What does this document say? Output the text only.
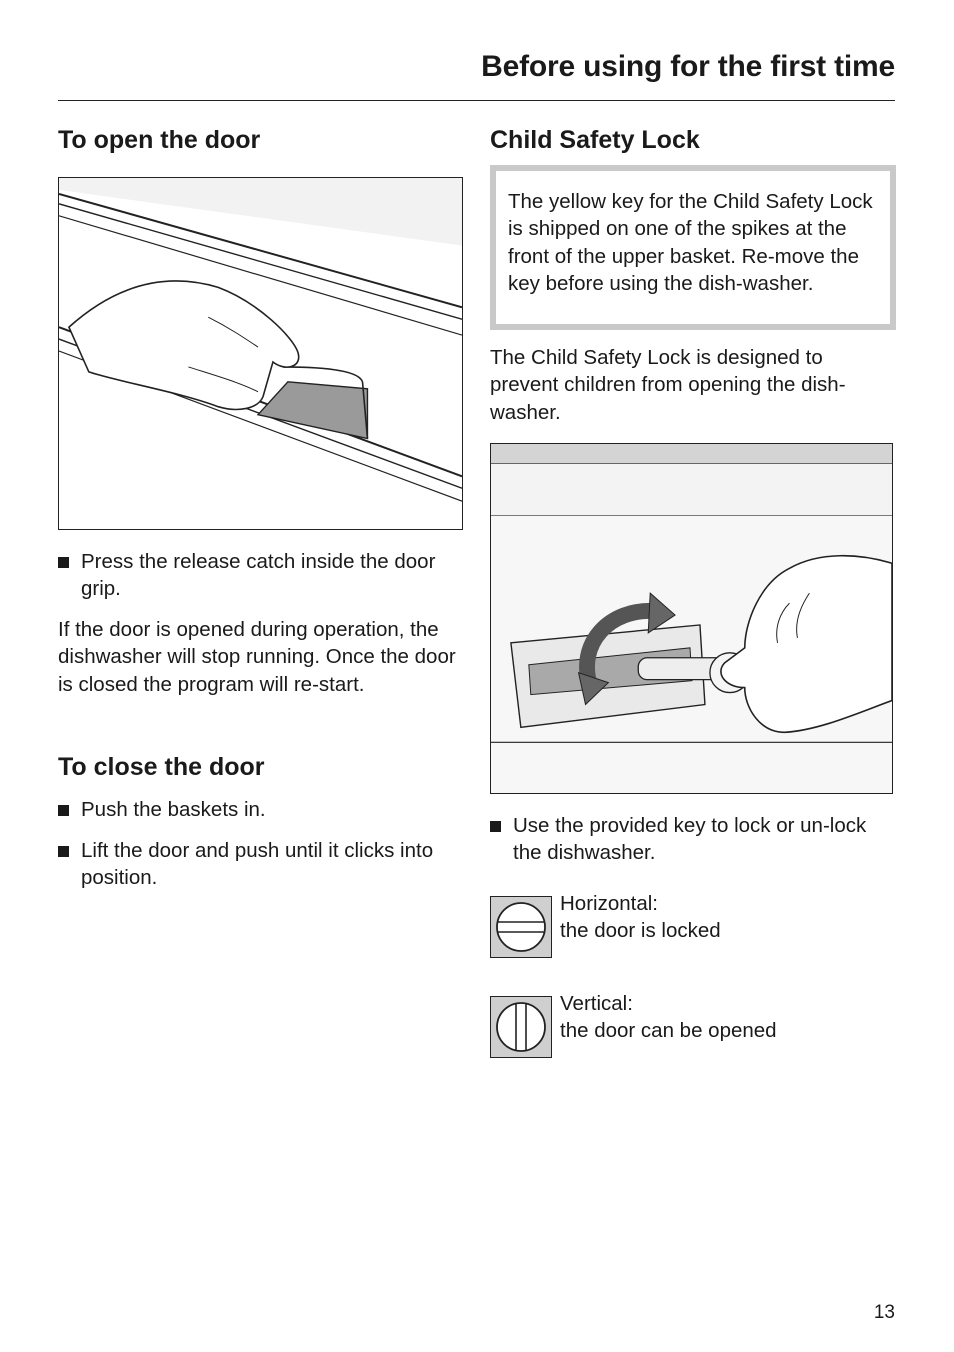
Before using for the first time
To open the door
Press the release catch inside the door grip.

If the door is opened during operation, the dishwasher will stop running. Once the door is closed the program will re-start.

To close the door
Push the baskets in.
Lift the door and push until it clicks into position.
Child Safety Lock
The yellow key for the Child Safety Lock is shipped on one of the spikes at the front of the upper basket. Re-move the key before using the dish-washer.

The Child Safety Lock is designed to prevent children from opening the dish-washer.

Use the provided key to lock or un-lock the dishwasher.
Horizontal:
the door is locked
Vertical:
the door can be opened
13
